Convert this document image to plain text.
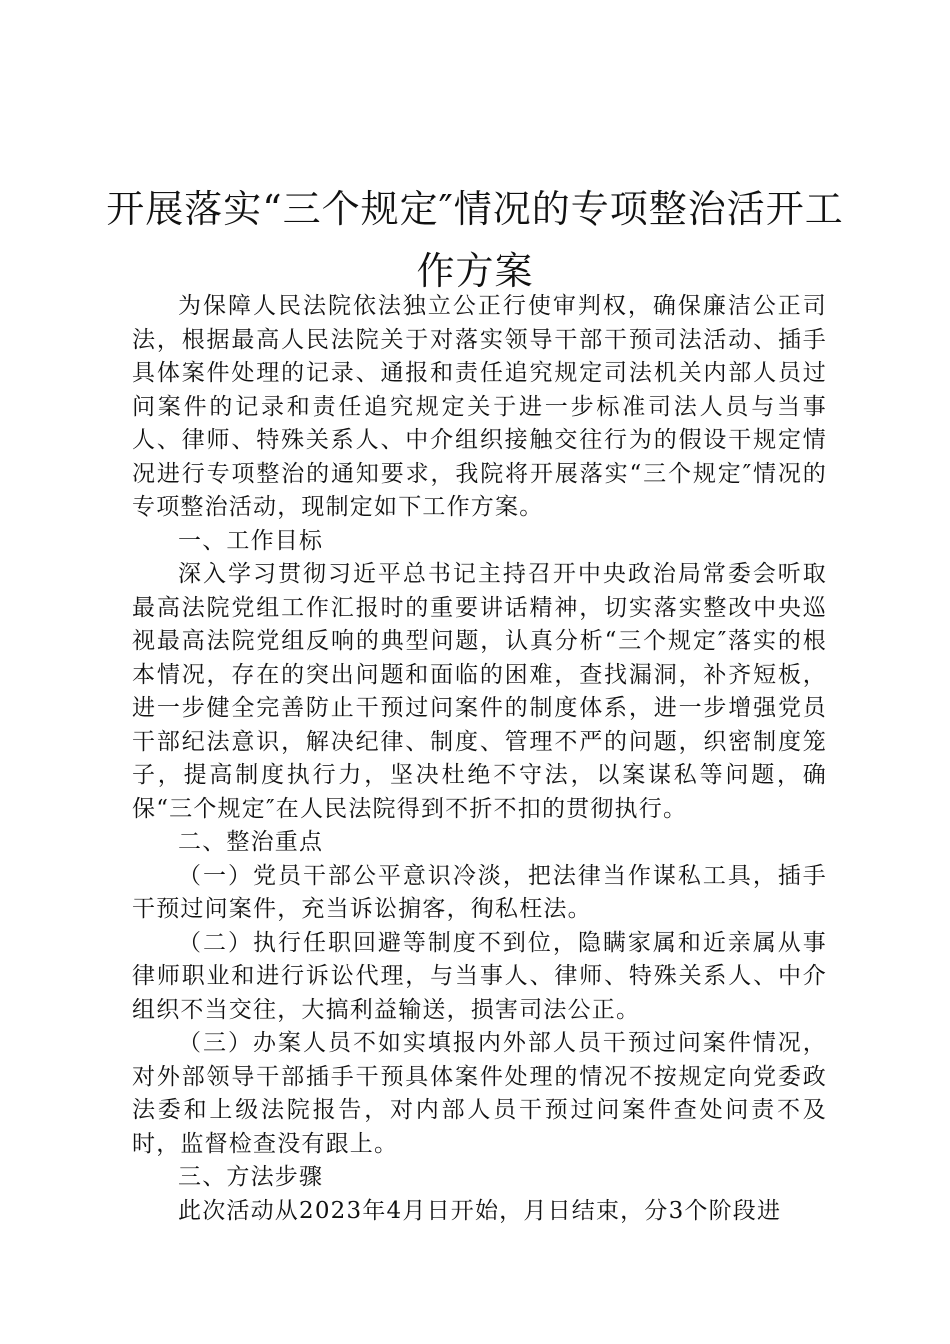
开展落实“三个规定″情况的专项整治活开工作方案

为保障人民法院依法独立公正行使审判权，确保廉洁公正司法，根据最高人民法院关于对落实领导干部干预司法活动、插手具体案件处理的记录、通报和责任追究规定司法机关内部人员过问案件的记录和责任追究规定关于进一步标准司法人员与当事人、律师、特殊关系人、中介组织接触交往行为的假设干规定情况进行专项整治的通知要求，我院将开展落实“三个规定″情况的专项整治活动，现制定如下工作方案。

一、工作目标

深入学习贯彻习近平总书记主持召开中央政治局常委会听取最高法院党组工作汇报时的重要讲话精神，切实落实整改中央巡视最高法院党组反响的典型问题，认真分析“三个规定″落实的根本情况，存在的突出问题和面临的困难，查找漏洞，补齐短板，进一步健全完善防止干预过问案件的制度体系，进一步增强党员干部纪法意识，解决纪律、制度、管理不严的问题，织密制度笼子，提高制度执行力，坚决杜绝不守法，以案谋私等问题，确保“三个规定″在人民法院得到不折不扣的贯彻执行。

二、整治重点

（一）党员干部公平意识冷淡，把法律当作谋私工具，插手干预过问案件，充当诉讼掮客，徇私枉法。

（二）执行任职回避等制度不到位，隐瞒家属和近亲属从事律师职业和进行诉讼代理，与当事人、律师、特殊关系人、中介组织不当交往，大搞利益输送，损害司法公正。

（三）办案人员不如实填报内外部人员干预过问案件情况，对外部领导干部插手干预具体案件处理的情况不按规定向党委政法委和上级法院报告，对内部人员干预过问案件查处问责不及时，监督检查没有跟上。

三、方法步骤

此次活动从2023年4月日开始，月日结束，分3个阶段进
